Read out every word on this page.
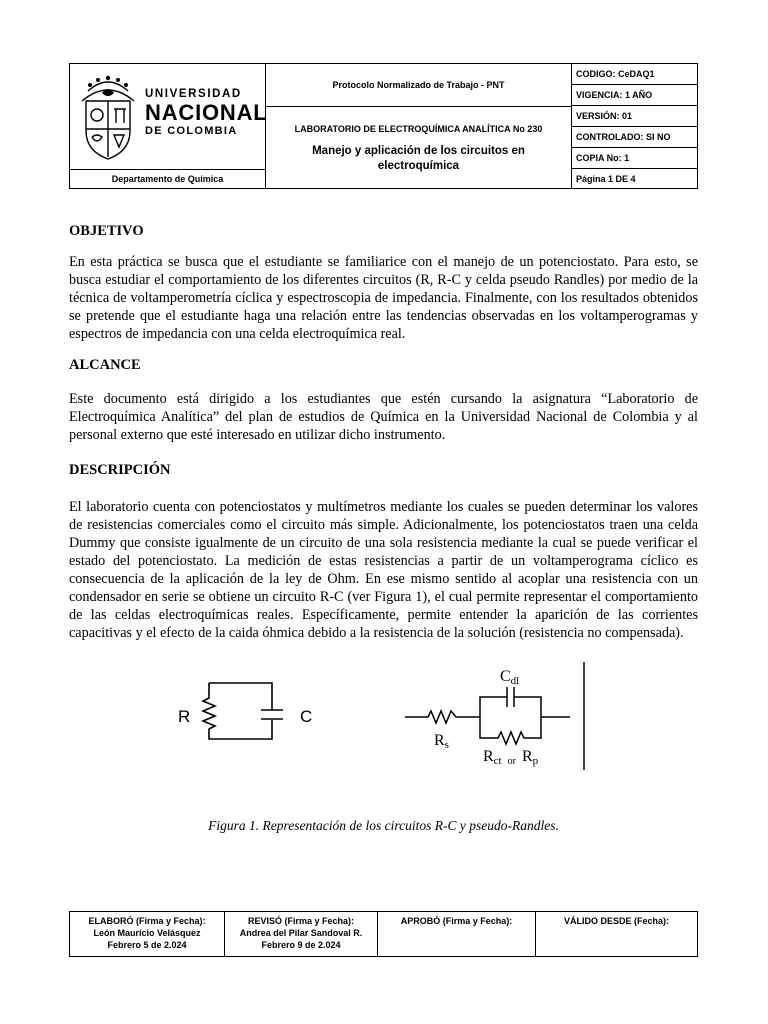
UNIVERSIDAD
NACIONAL
DE COLOMBIA
Departamento de Química
Protocolo Normalizado de Trabajo - PNT
LABORATORIO DE ELECTROQUÍMICA ANALÍTICA No 230
Manejo y aplicación de los circuitos en electroquímica
CODIGO: CeDAQ1
VIGENCIA: 1 AÑO
VERSIÓN: 01
CONTROLADO: SI NO
COPIA No: 1
Página 1 DE 4
OBJETIVO
En esta práctica se busca que el estudiante se familiarice con el manejo de un potenciostato. Para esto, se busca estudiar el comportamiento de los diferentes circuitos (R, R-C y celda pseudo Randles) por medio de la técnica de voltamperometría cíclica y espectroscopia de impedancia. Finalmente, con los resultados obtenidos se pretende que el estudiante haga una relación entre las tendencias observadas en los voltamperogramas y espectros de impedancia con una celda electroquímica real.
ALCANCE
Este documento está dirigido a los estudiantes que estén cursando la asignatura “Laboratorio de Electroquímica Analítica” del plan de estudios de Química en la Universidad Nacional de Colombia y al personal externo que esté interesado en utilizar dicho instrumento.
DESCRIPCIÓN
El laboratorio cuenta con potenciostatos y multímetros mediante los cuales se pueden determinar los valores de resistencias comerciales como el circuito más simple. Adicionalmente, los potenciostatos traen una celda Dummy que consiste igualmente de un circuito de una sola resistencia mediante la cual se puede verificar el estado del potenciostato. La medición de estas resistencias a partir de un voltamperograma cíclico es consecuencia de la aplicación de la ley de Ohm. En ese mismo sentido al acoplar una resistencia con un condensador en serie se obtiene un circuito R-C (ver Figura 1), el cual permite representar el comportamiento de las celdas electroquímicas reales. Específicamente, permite entender la aparición de las corrientes capacitivas y el efecto de la caida óhmica debido a la resistencia de la solución (resistencia no compensada).
R	C
Cdl
Rs
Rct or Rp
Figura 1. Representación de los circuitos R-C y pseudo-Randles.
ELABORÓ (Firma y Fecha):
León Mauricio Velásquez
Febrero 5 de 2.024
REVISÓ (Firma y Fecha):
Andrea del Pilar Sandoval R.
Febrero 9 de 2.024
APROBÓ (Firma y Fecha):	VÁLIDO DESDE (Fecha):
